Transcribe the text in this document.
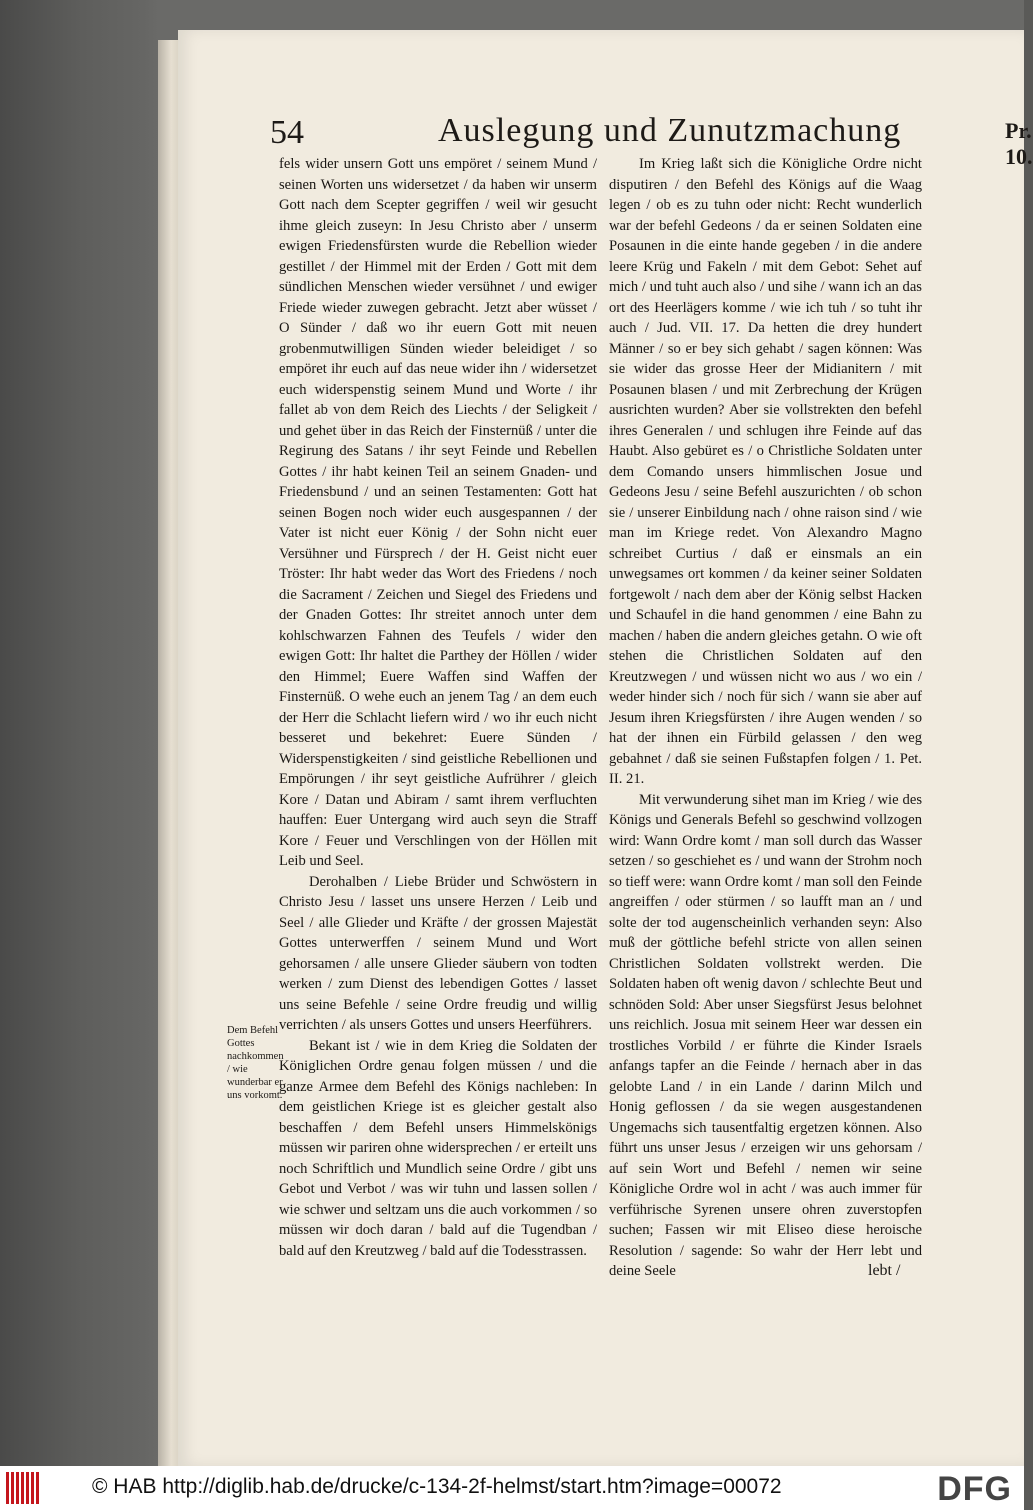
54	Auslegung und Zunutzmachung	Pr. 10.

fels wider unsern Gott uns empöret / seinem Mund / seinen Worten uns widersetzet / da haben wir unserm Gott nach dem Scepter gegriffen / weil wir gesucht ihme gleich zuseyn: In Jesu Christo aber / unserm ewigen Friedensfürsten wurde die Rebellion wieder gestillet / der Himmel mit der Erden / Gott mit dem sündlichen Menschen wieder versühnet / und ewiger Friede wieder zuwegen gebracht. Jetzt aber wüsset / O Sünder / daß wo ihr euern Gott mit neuen grobenmutwilligen Sünden wieder beleidiget / so empöret ihr euch auf das neue wider ihn / widersetzet euch widerspenstig seinem Mund und Worte / ihr fallet ab von dem Reich des Liechts / der Seligkeit / und gehet über in das Reich der Finsternüß / unter die Regirung des Satans / ihr seyt Feinde und Rebellen Gottes / ihr habt keinen Teil an seinem Gnaden- und Friedensbund / und an seinen Testamenten: Gott hat seinen Bogen noch wider euch ausgespannen / der Vater ist nicht euer König / der Sohn nicht euer Versühner und Fürsprech / der H. Geist nicht euer Tröster: Ihr habt weder das Wort des Friedens / noch die Sacrament / Zeichen und Siegel des Friedens und der Gnaden Gottes: Ihr streitet annoch unter dem kohlschwarzen Fahnen des Teufels / wider den ewigen Gott: Ihr haltet die Parthey der Höllen / wider den Himmel; Euere Waffen sind Waffen der Finsternüß. O wehe euch an jenem Tag / an dem euch der Herr die Schlacht liefern wird / wo ihr euch nicht besseret und bekehret: Euere Sünden / Widerspenstigkeiten / sind geistliche Rebellionen und Empörungen / ihr seyt geistliche Aufrührer / gleich Kore / Datan und Abiram / samt ihrem verfluchten hauffen: Euer Untergang wird auch seyn die Straff Kore / Feuer und Verschlingen von der Höllen mit Leib und Seel.

Derohalben / Liebe Brüder und Schwöstern in Christo Jesu / lasset uns unsere Herzen / Leib und Seel / alle Glieder und Kräfte / der grossen Majestät Gottes unterwerffen / seinem Mund und Wort gehorsamen / alle unsere Glieder säubern von todten werken / zum Dienst des lebendigen Gottes / lasset uns seine Befehle / seine Ordre freudig und willig verrichten / als unsers Gottes und unsers Heerführers.

Bekant ist / wie in dem Krieg die Soldaten der Königlichen Ordre genau folgen müssen / und die ganze Armee dem Befehl des Königs nachleben: In dem geistlichen Kriege ist es gleicher gestalt also beschaffen / dem Befehl unsers Himmelskönigs müssen wir pariren ohne widersprechen / er erteilt uns noch Schriftlich und Mundlich seine Ordre / gibt uns Gebot und Verbot / was wir tuhn und lassen sollen / wie schwer und seltzam uns die auch vorkommen / so müssen wir doch daran / bald auf die Tugendban / bald auf den Kreutzweg / bald auf die Todesstrassen.

Dem Befehl Gottes nachkommen / wie wunderbar er uns vorkomt.

Im Krieg laßt sich die Königliche Ordre nicht disputiren / den Befehl des Königs auf die Waag legen / ob es zu tuhn oder nicht: Recht wunderlich war der befehl Gedeons / da er seinen Soldaten eine Posaunen in die einte hande gegeben / in die andere leere Krüg und Fakeln / mit dem Gebot: Sehet auf mich / und tuht auch also / und sihe / wann ich an das ort des Heerlägers komme / wie ich tuh / so tuht ihr auch / Jud. VII. 17. Da hetten die drey hundert Männer / so er bey sich gehabt / sagen können: Was sie wider das grosse Heer der Midianitern / mit Posaunen blasen / und mit Zerbrechung der Krügen ausrichten wurden? Aber sie vollstrekten den befehl ihres Generalen / und schlugen ihre Feinde auf das Haubt. Also gebüret es / o Christliche Soldaten unter dem Comando unsers himmlischen Josue und Gedeons Jesu / seine Befehl auszurichten / ob schon sie / unserer Einbildung nach / ohne raison sind / wie man im Kriege redet. Von Alexandro Magno schreibet Curtius / daß er einsmals an ein unwegsames ort kommen / da keiner seiner Soldaten fortgewolt / nach dem aber der König selbst Hacken und Schaufel in die hand genommen / eine Bahn zu machen / haben die andern gleiches getahn. O wie oft stehen die Christlichen Soldaten auf den Kreutzwegen / und wüssen nicht wo aus / wo ein / weder hinder sich / noch für sich / wann sie aber auf Jesum ihren Kriegsfürsten / ihre Augen wenden / so hat der ihnen ein Fürbild gelassen / den weg gebahnet / daß sie seinen Fußstapfen folgen / 1. Pet. II. 21.

Mit verwunderung sihet man im Krieg / wie des Königs und Generals Befehl so geschwind vollzogen wird: Wann Ordre komt / man soll durch das Wasser setzen / so geschiehet es / und wann der Strohm noch so tieff were: wann Ordre komt / man soll den Feinde angreiffen / oder stürmen / so laufft man an / und solte der tod augenscheinlich verhanden seyn: Also muß der göttliche befehl stricte von allen seinen Christlichen Soldaten vollstrekt werden. Die Soldaten haben oft wenig davon / schlechte Beut und schnöden Sold: Aber unser Siegsfürst Jesus belohnet uns reichlich. Josua mit seinem Heer war dessen ein trostliches Vorbild / er führte die Kinder Israels anfangs tapfer an die Feinde / hernach aber in das gelobte Land / in ein Lande / darinn Milch und Honig geflossen / da sie wegen ausgestandenen Ungemachs sich tausentfaltig ergetzen können. Also führt uns unser Jesus / erzeigen wir uns gehorsam / auf sein Wort und Befehl / nemen wir seine Königliche Ordre wol in acht / was auch immer für verführische Syrenen unsere ohren zuverstopfen suchen; Fassen wir mit Eliseo diese heroische Resolution / sagende: So wahr der Herr lebt und deine Seele	lebt /
© HAB http://diglib.hab.de/drucke/c-134-2f-helmst/start.htm?image=00072	DFG
